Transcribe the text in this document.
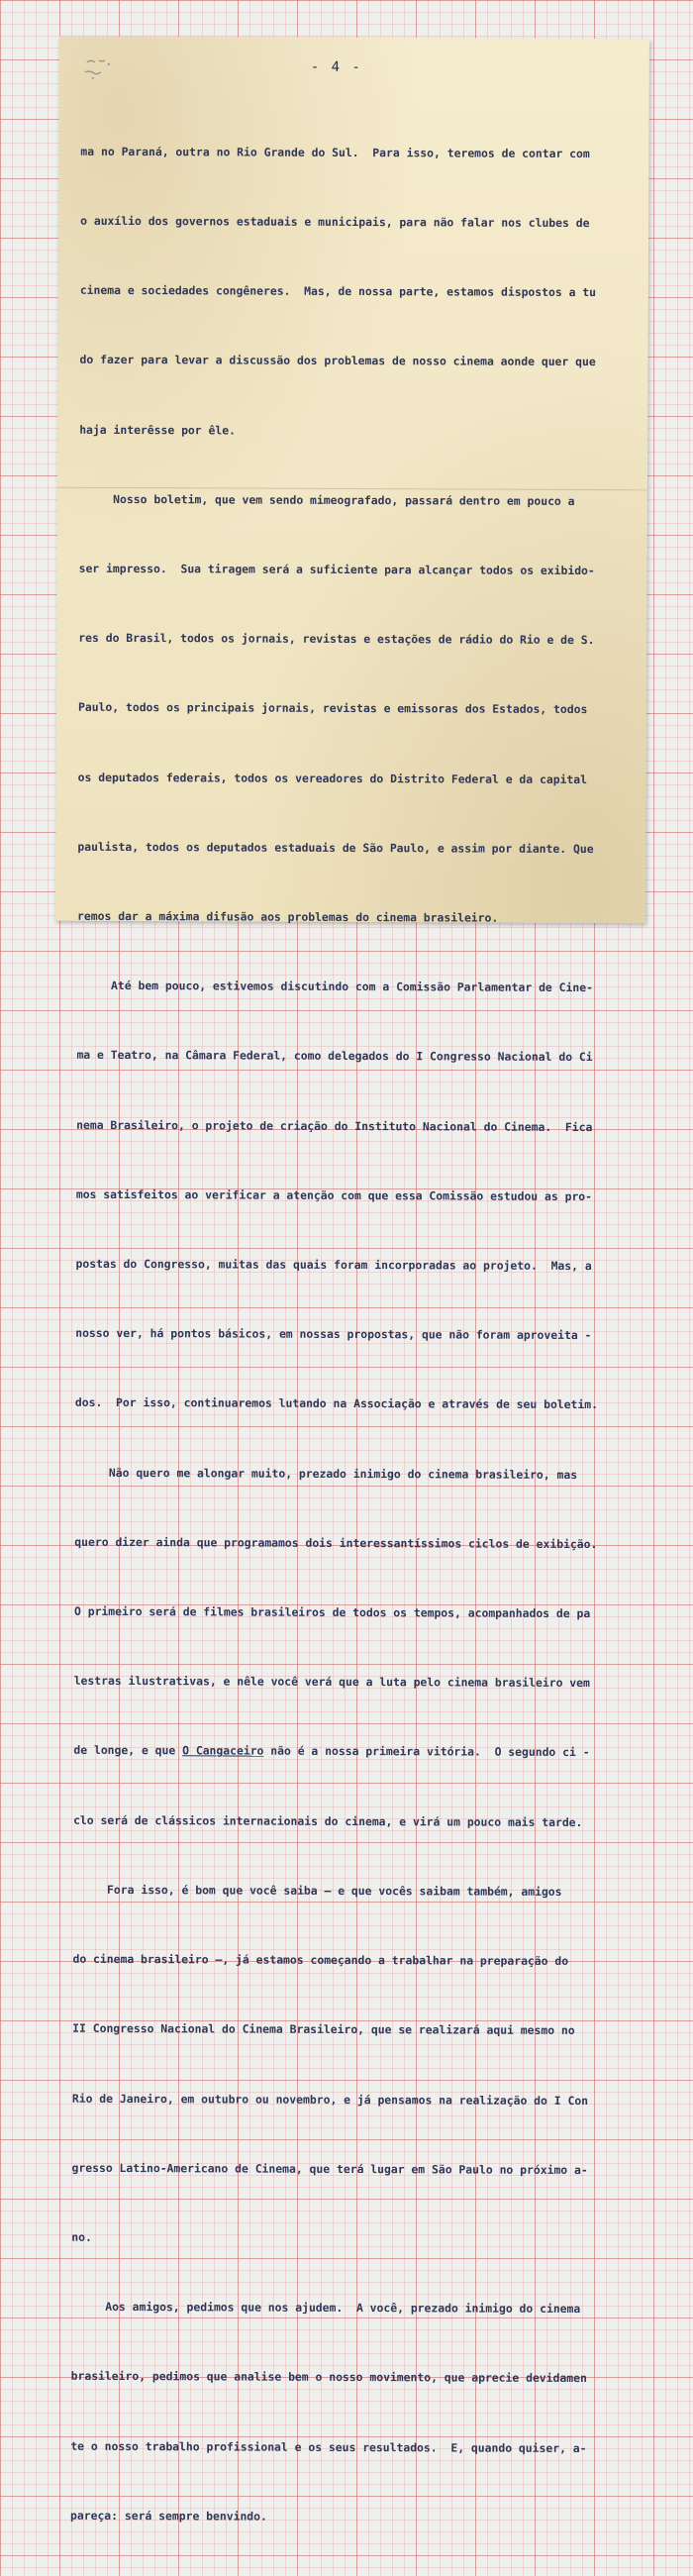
- 4 -

ma no Paraná, outra no Rio Grande do Sul.  Para isso, teremos de contar com

o auxílio dos governos estaduais e municipais, para não falar nos clubes de

cinema e sociedades congêneres.  Mas, de nossa parte, estamos dispostos a tu

do fazer para levar a discussão dos problemas de nosso cinema aonde quer que

haja interêsse por êle.

Nosso boletim, que vem sendo mimeografado, passará dentro em pouco a

ser impresso.  Sua tiragem será a suficiente para alcançar todos os exibido-

res do Brasil, todos os jornais, revistas e estações de rádio do Rio e de S.

Paulo, todos os principais jornais, revistas e emissoras dos Estados, todos

os deputados federais, todos os vereadores do Distrito Federal e da capital

paulista, todos os deputados estaduais de São Paulo, e assim por diante. Que

remos dar a máxima difusão aos problemas do cinema brasileiro.

Até bem pouco, estivemos discutindo com a Comissão Parlamentar de Cine-

ma e Teatro, na Câmara Federal, como delegados do I Congresso Nacional do Ci

nema Brasileiro, o projeto de criação do Instituto Nacional do Cinema.  Fica

mos satisfeitos ao verificar a atenção com que essa Comissão estudou as pro-

postas do Congresso, muitas das quais foram incorporadas ao projeto.  Mas, a

nosso ver, há pontos básicos, em nossas propostas, que não foram aproveita -

dos.  Por isso, continuaremos lutando na Associação e através de seu boletim.

Não quero me alongar muito, prezado inimigo do cinema brasileiro, mas

quero dizer ainda que programamos dois interessantíssimos ciclos de exibição.

O primeiro será de filmes brasileiros de todos os tempos, acompanhados de pa

lestras ilustrativas, e nêle você verá que a luta pelo cinema brasileiro vem

de longe, e que O Cangaceiro não é a nossa primeira vitória.  O segundo ci -

clo será de clássicos internacionais do cinema, e virá um pouco mais tarde.

Fora isso, é bom que você saiba — e que vocês saibam também, amigos

do cinema brasileiro —, já estamos começando a trabalhar na preparação do

II Congresso Nacional do Cinema Brasileiro, que se realizará aqui mesmo no

Rio de Janeiro, em outubro ou novembro, e já pensamos na realização do I Con

gresso Latino-Americano de Cinema, que terá lugar em São Paulo no próximo a-

no.

Aos amigos, pedimos que nos ajudem.  A você, prezado inimigo do cinema

brasileiro, pedimos que analise bem o nosso movimento, que aprecie devidamen

te o nosso trabalho profissional e os seus resultados.  E, quando quiser, a-

pareça: será sempre benvindo.
